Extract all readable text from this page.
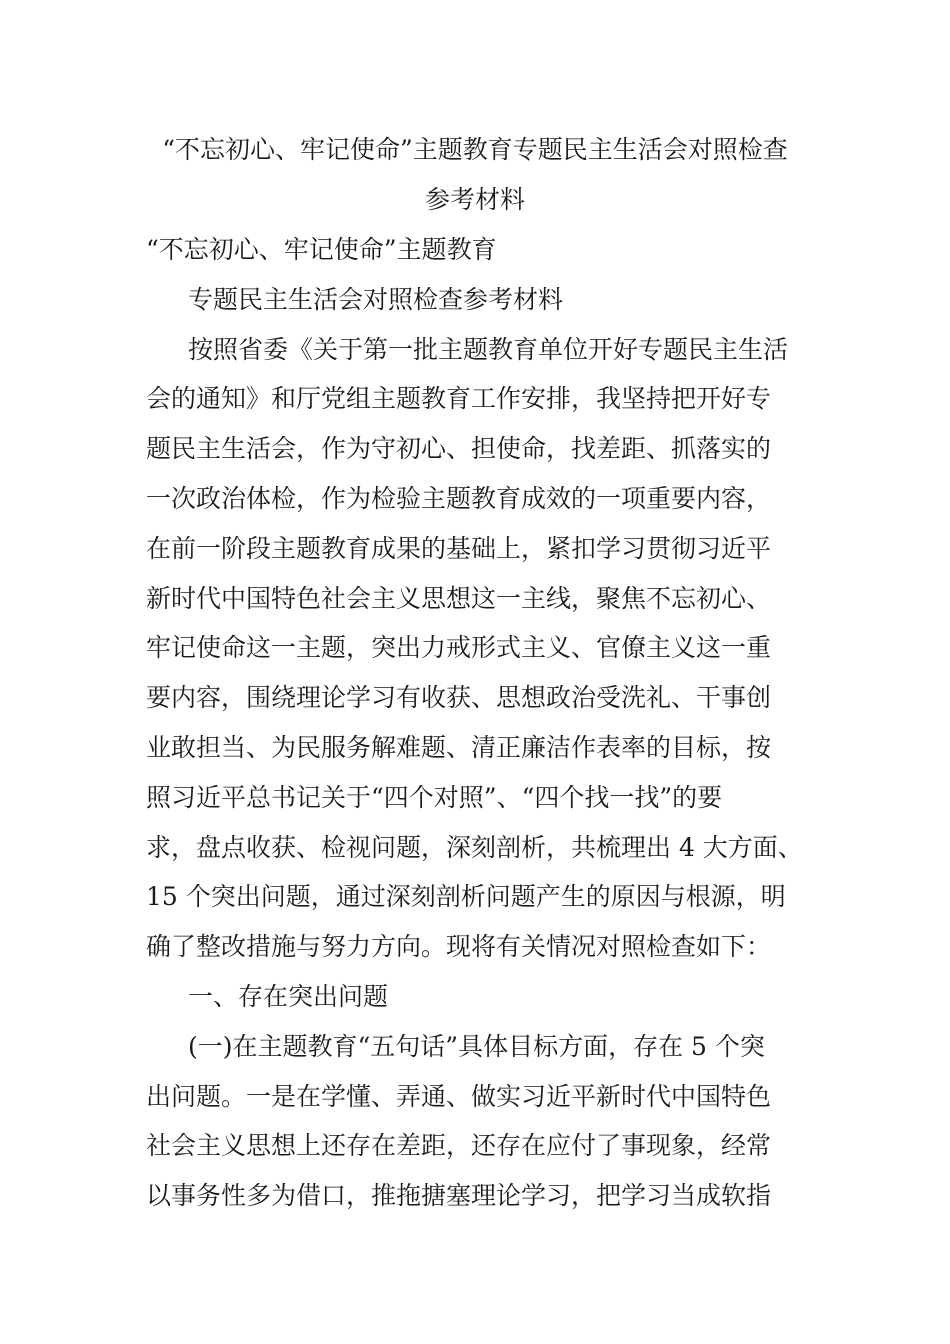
“不忘初心、牢记使命”主题教育专题民主生活会对照检查
参考材料
“不忘初心、牢记使命”主题教育
专题民主生活会对照检查参考材料
按照省委《关于第一批主题教育单位开好专题民主生活
会的通知》和厅党组主题教育工作安排，我坚持把开好专
题民主生活会，作为守初心、担使命，找差距、抓落实的
一次政治体检，作为检验主题教育成效的一项重要内容，
在前一阶段主题教育成果的基础上，紧扣学习贯彻习近平
新时代中国特色社会主义思想这一主线，聚焦不忘初心、
牢记使命这一主题，突出力戒形式主义、官僚主义这一重
要内容，围绕理论学习有收获、思想政治受洗礼、干事创
业敢担当、为民服务解难题、清正廉洁作表率的目标，按
照习近平总书记关于“四个对照”、“四个找一找”的要
求，盘点收获、检视问题，深刻剖析，共梳理出 4 大方面、
15 个突出问题，通过深刻剖析问题产生的原因与根源，明
确了整改措施与努力方向。现将有关情况对照检查如下：
一、存在突出问题
(一)在主题教育“五句话”具体目标方面，存在 5 个突
出问题。一是在学懂、弄通、做实习近平新时代中国特色
社会主义思想上还存在差距，还存在应付了事现象，经常
以事务性多为借口，推拖搪塞理论学习，把学习当成软指
